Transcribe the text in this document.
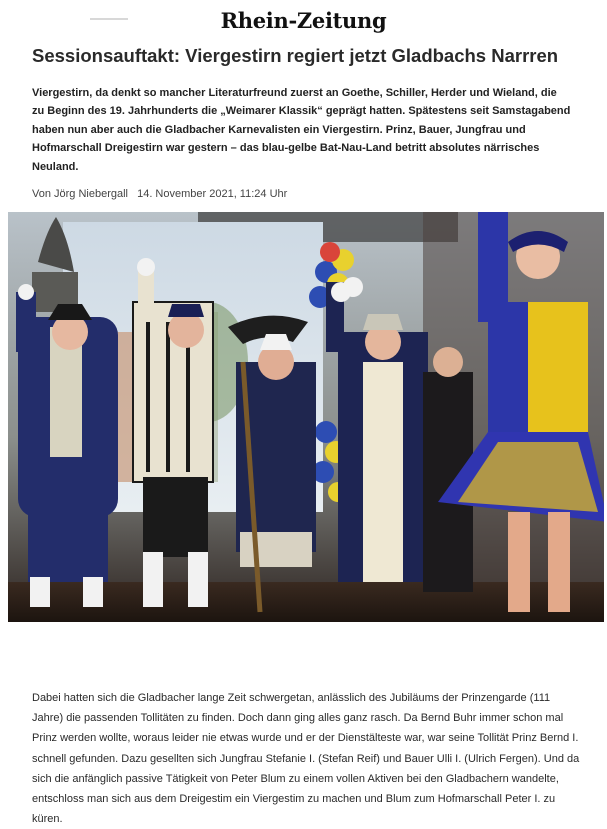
Rhein-Zeitung
Sessionsauftakt: Viergestirn regiert jetzt Gladbachs Narrren

Viergestirn, da denkt so mancher Literaturfreund zuerst an Goethe, Schiller, Herder und Wieland, die zu Beginn des 19. Jahrhunderts die „Weimarer Klassik“ geprägt hatten. Spätestens seit Samstagabend haben nun aber auch die Gladbacher Karnevalisten ein Viergestirn. Prinz, Bauer, Jungfrau und Hofmarschall Dreigestirn war gestern – das blau-gelbe Bat-Nau-Land betritt absolutes närrisches Neuland.

Von Jörg Niebergall 14. November 2021, 11:24 Uhr

Dabei hatten sich die Gladbacher lange Zeit schwergetan, anlässlich des Jubiläums der Prinzengarde (111 Jahre) die passenden Tollitäten zu finden. Doch dann ging alles ganz rasch. Da Bernd Buhr immer schon mal Prinz werden wollte, woraus leider nie etwas wurde und er der Dienstälteste war, war seine Tollität Prinz Bernd I. schnell gefunden. Dazu gesellten sich Jungfrau Stefanie I. (Stefan Reif) und Bauer Ulli I. (Ulrich Fergen). Und da sich die anfänglich passive Tätigkeit von Peter Blum zu einem vollen Aktiven bei den Gladbachern wandelte, entschloss man sich aus dem Dreigestim ein Viergestim zu machen und Blum zum Hofmarschall Peter I. zu küren.
